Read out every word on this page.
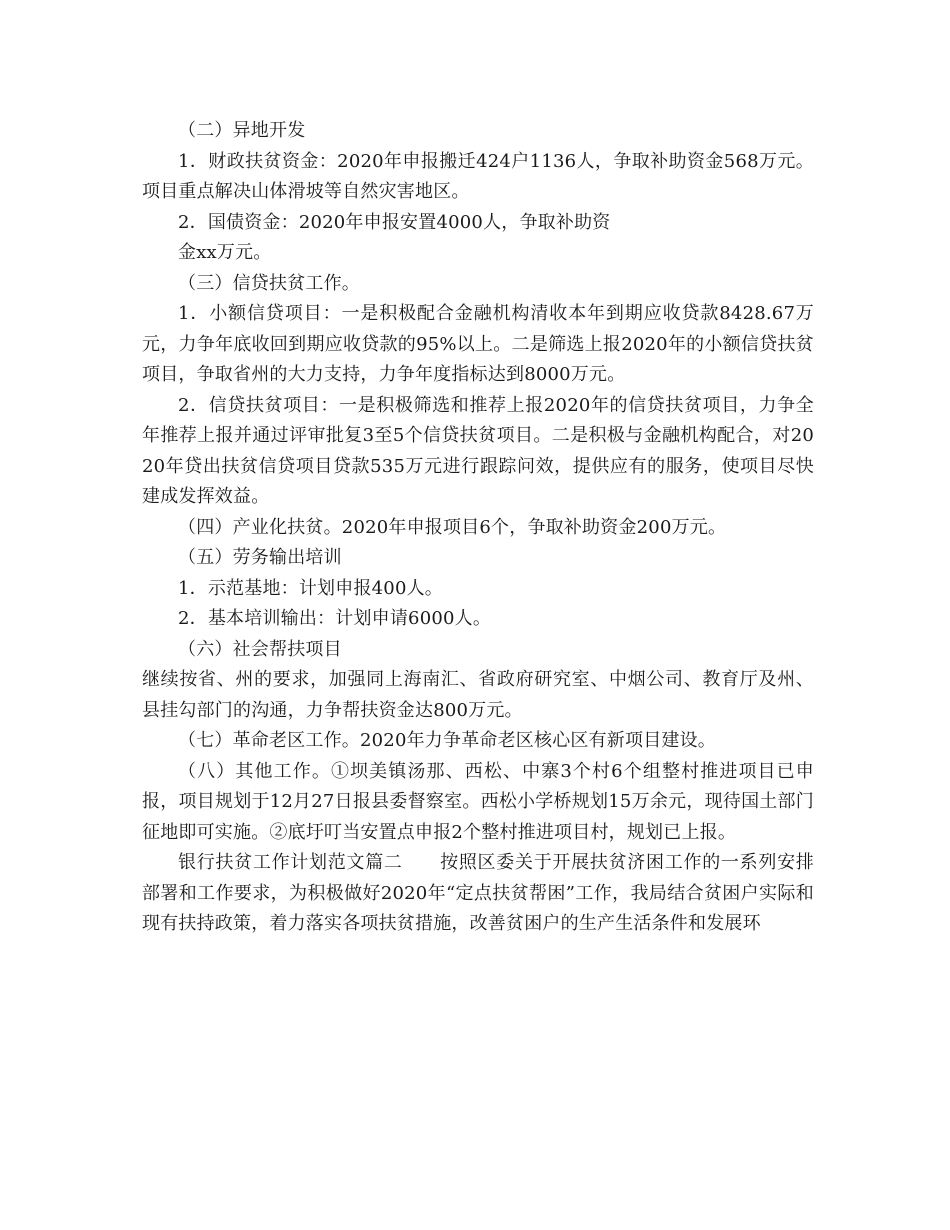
（二）异地开发

1．财政扶贫资金：2020年申报搬迁424户1136人，争取补助资金568万元。项目重点解决山体滑坡等自然灾害地区。

2．国债资金：2020年申报安置4000人，争取补助资

金xx万元。

（三）信贷扶贫工作。

1．小额信贷项目：一是积极配合金融机构清收本年到期应收贷款8428.67万元，力争年底收回到期应收贷款的95%以上。二是筛选上报2020年的小额信贷扶贫项目，争取省州的大力支持，力争年度指标达到8000万元。

2．信贷扶贫项目：一是积极筛选和推荐上报2020年的信贷扶贫项目，力争全年推荐上报并通过评审批复3至5个信贷扶贫项目。二是积极与金融机构配合，对2020年贷出扶贫信贷项目贷款535万元进行跟踪问效，提供应有的服务，使项目尽快建成发挥效益。

（四）产业化扶贫。2020年申报项目6个，争取补助资金200万元。

（五）劳务输出培训

1．示范基地：计划申报400人。

2．基本培训输出：计划申请6000人。

（六）社会帮扶项目

继续按省、州的要求，加强同上海南汇、省政府研究室、中烟公司、教育厅及州、县挂勾部门的沟通，力争帮扶资金达800万元。

（七）革命老区工作。2020年力争革命老区核心区有新项目建设。

（八）其他工作。①坝美镇汤那、西松、中寨3个村6个组整村推进项目已申报，项目规划于12月27日报县委督察室。西松小学桥规划15万余元，现待国土部门征地即可实施。②底圩叮当安置点申报2个整村推进项目村，规划已上报。

银行扶贫工作计划范文篇二　　按照区委关于开展扶贫济困工作的一系列安排部署和工作要求，为积极做好2020年“定点扶贫帮困”工作，我局结合贫困户实际和现有扶持政策，着力落实各项扶贫措施，改善贫困户的生产生活条件和发展环
